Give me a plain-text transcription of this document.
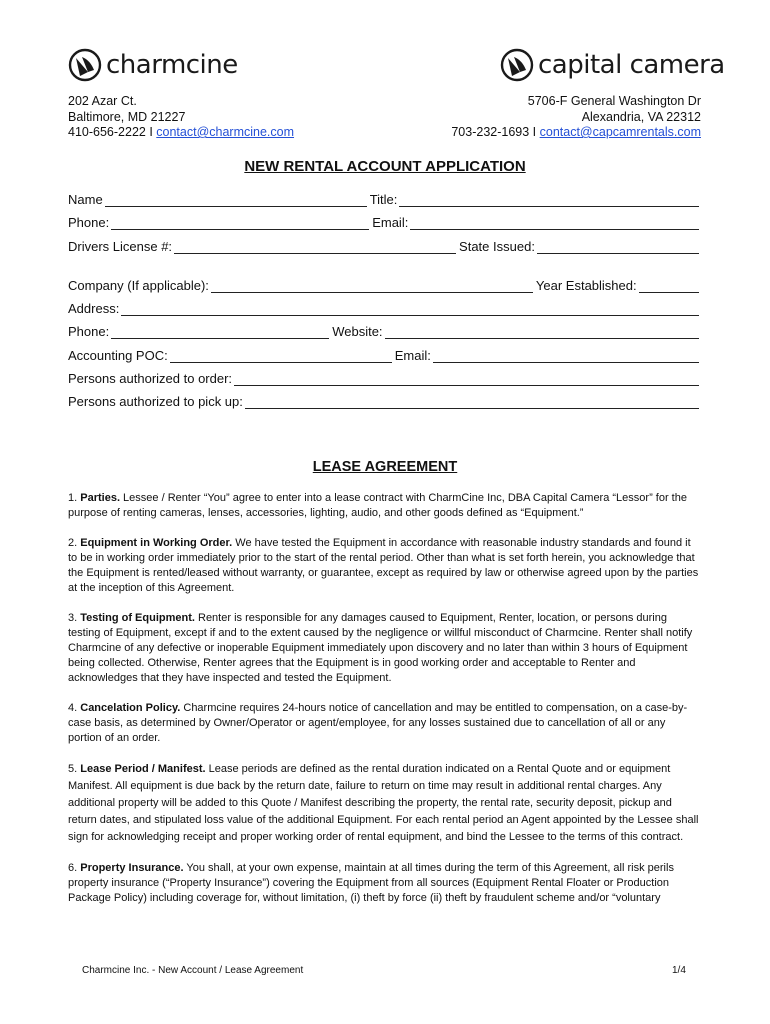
charmcine	capital camera
202 Azar Ct.
Baltimore, MD 21227
410-656-2222 I contact@charmcine.com
5706-F General Washington Dr
Alexandria, VA 22312
703-232-1693 I contact@capcamrentals.com
NEW RENTAL ACCOUNT APPLICATION
Name	Title:
Phone:	Email:
Drivers License #:	State Issued:
Company (If applicable):	Year Established:
Address:
Phone:	Website:
Accounting POC:	Email:
Persons authorized to order:
Persons authorized to pick up:
LEASE AGREEMENT

1. Parties. Lessee / Renter “You” agree to enter into a lease contract with CharmCine Inc, DBA Capital Camera “Lessor” for the purpose of renting cameras, lenses, accessories, lighting, audio, and other goods defined as “Equipment.”

2. Equipment in Working Order. We have tested the Equipment in accordance with reasonable industry standards and found it to be in working order immediately prior to the start of the rental period. Other than what is set forth herein, you acknowledge that the Equipment is rented/leased without warranty, or guarantee, except as required by law or otherwise agreed upon by the parties at the inception of this Agreement.

3. Testing of Equipment. Renter is responsible for any damages caused to Equipment, Renter, location, or persons during testing of Equipment, except if and to the extent caused by the negligence or willful misconduct of Charmcine. Renter shall notify Charmcine of any defective or inoperable Equipment immediately upon discovery and no later than within 3 hours of Equipment being collected. Otherwise, Renter agrees that the Equipment is in good working order and acceptable to Renter and acknowledges that they have inspected and tested the Equipment.

4. Cancelation Policy. Charmcine requires 24-hours notice of cancellation and may be entitled to compensation, on a case-by-case basis, as determined by Owner/Operator or agent/employee, for any losses sustained due to cancellation of all or any portion of an order.

5. Lease Period / Manifest. Lease periods are defined as the rental duration indicated on a Rental Quote and or equipment Manifest. All equipment is due back by the return date, failure to return on time may result in additional rental charges. Any additional property will be added to this Quote / Manifest describing the property, the rental rate, security deposit, pickup and return dates, and stipulated loss value of the additional Equipment. For each rental period an Agent appointed by the Lessee shall sign for acknowledging receipt and proper working order of rental equipment, and bind the Lessee to the terms of this contract.

6. Property Insurance. You shall, at your own expense, maintain at all times during the term of this Agreement, all risk perils property insurance (“Property Insurance”) covering the Equipment from all sources (Equipment Rental Floater or Production Package Policy) including coverage for, without limitation, (i) theft by force (ii) theft by fraudulent scheme and/or “voluntary

Charmcine Inc. - New Account / Lease Agreement	1/4
